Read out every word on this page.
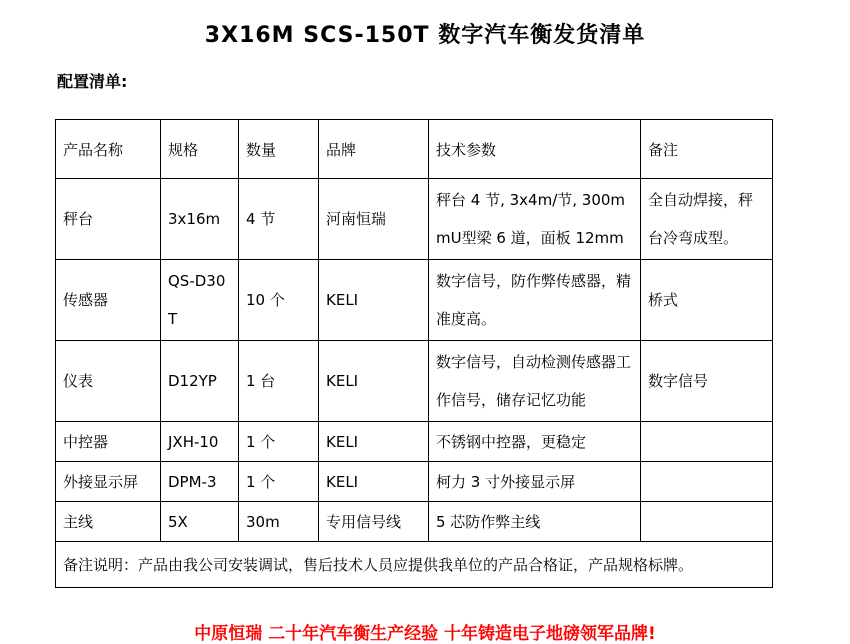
3X16M SCS-150T 数字汽车衡发货清单
配置清单:
产品名称	规格	数量	品牌	技术参数	备注
秤台	3x16m	4 节	河南恒瑞	秤台 4 节, 3x4m/节, 300mmU型梁 6 道，面板 12mm	全自动焊接，秤台冷弯成型。
传感器	QS-D30T	10 个	KELI	数字信号，防作弊传感器，精准度高。	桥式
仪表	D12YP	1 台	KELI	数字信号，自动检测传感器工作信号，储存记忆功能	数字信号
中控器	JXH-10	1 个	KELI	不锈钢中控器，更稳定	
外接显示屏	DPM-3	1 个	KELI	柯力 3 寸外接显示屏	
主线	5X	30m	专用信号线	5 芯防作弊主线	
备注说明：产品由我公司安装调试，售后技术人员应提供我单位的产品合格证，产品规格标牌。					
中原恒瑞 二十年汽车衡生产经验 十年铸造电子地磅领军品牌!
